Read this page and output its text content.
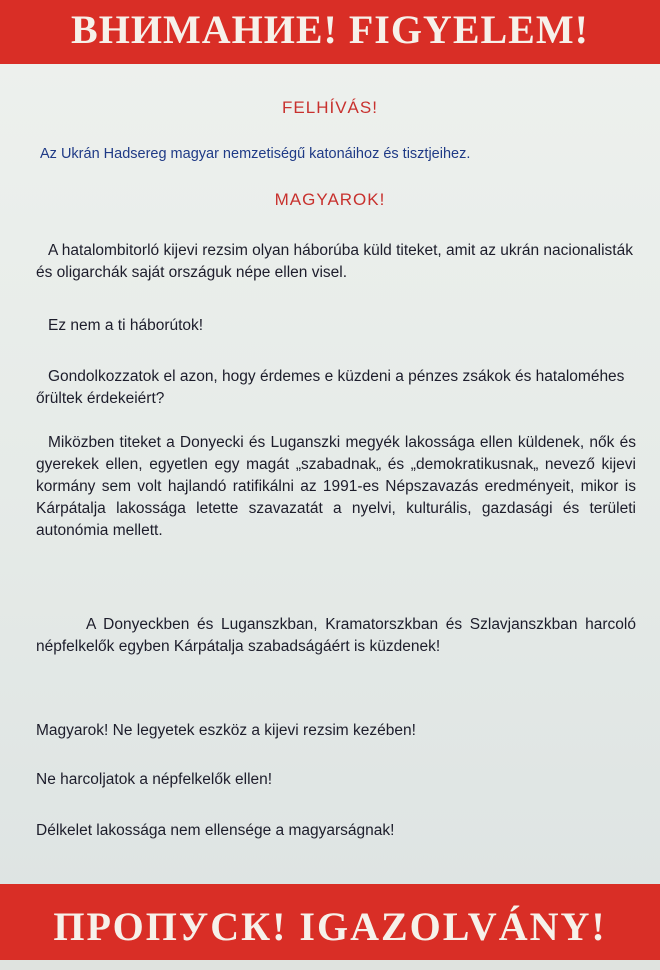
ВНИМАНИЕ! FIGYELEM!
FELHÍVÁS!
Az Ukrán Hadsereg magyar nemzetiségű katonáihoz és tisztjeihez.
MAGYAROK!
A hatalombitorló kijevi rezsim olyan háborúba küld titeket, amit az ukrán nacionalisták és oligarchák saját országuk népe ellen visel.
Ez nem a ti háborútok!
Gondolkozzatok el azon, hogy érdemes e küzdeni a pénzes zsákok és hataloméhes őrültek érdekeiért?
Miközben titeket a Donyecki és Luganszki megyék lakossága ellen küldenek, nők és gyerekek ellen, egyetlen egy magát „szabadnak„ és „demokratikusnak„ nevező kijevi kormány sem volt hajlandó ratifikálni az 1991-es Népszavazás eredményeit, mikor is Kárpátalja lakossága letette szavazatát a nyelvi, kulturális, gazdasági és területi autonómia mellett.
A Donyeckben és Luganszkban, Kramatorszkban és Szlavjanszkban harcoló népfelkelők egyben Kárpátalja szabadságáért is küzdenek!
Magyarok! Ne legyetek eszköz a kijevi rezsim kezében!
Ne harcoljatok a népfelkelők ellen!
Délkelet lakossága nem ellensége a magyarságnak!
ПРОПУСК! IGAZOLVÁNY!
